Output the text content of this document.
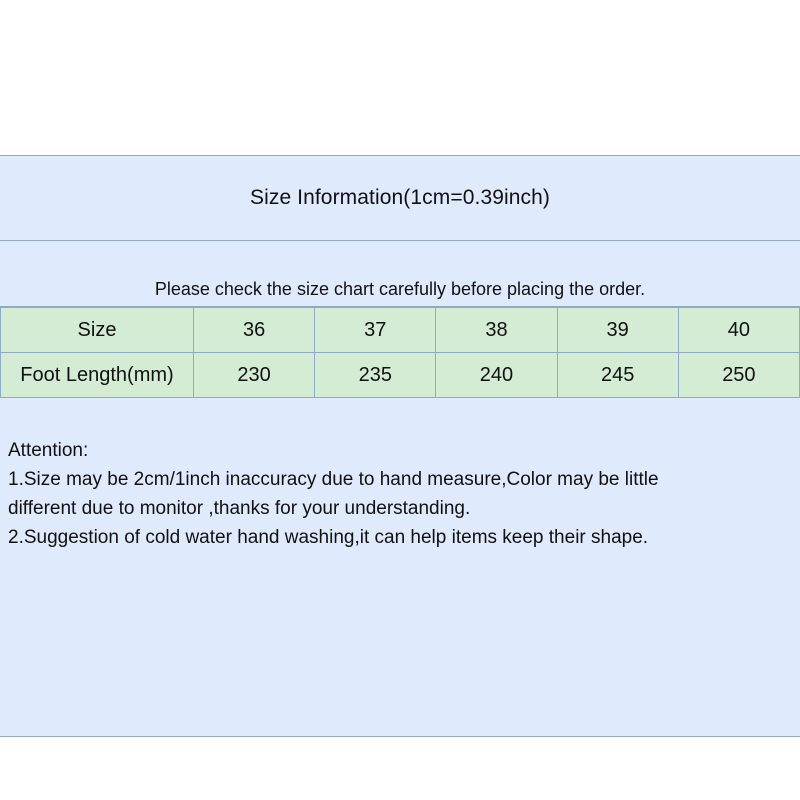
Size Information(1cm=0.39inch)
Please check the size chart carefully before placing the order.
Size	36	37	38	39	40
Foot Length(mm)	230	235	240	245	250
Attention:
1.Size may be 2cm/1inch inaccuracy due to hand measure,Color may be little
different due to monitor ,thanks for your understanding.
2.Suggestion of cold water hand washing,it can help items keep their shape.
